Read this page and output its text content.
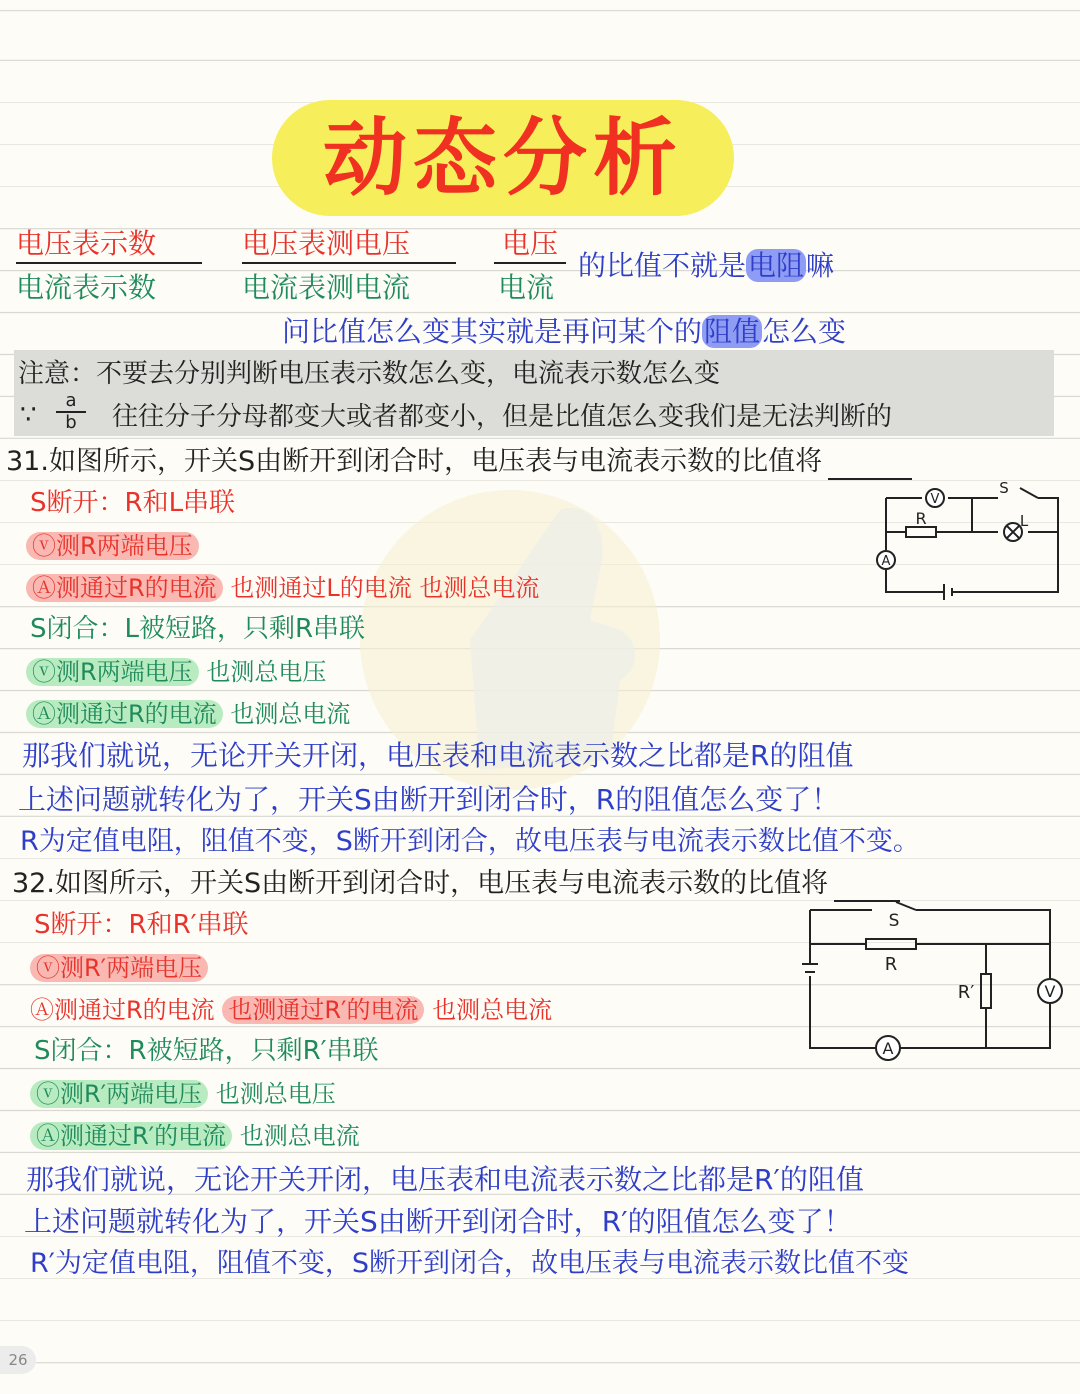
动态分析
电压表示数
电流表示数
电压表测电压
电流表测电流
电压
电流
的比值不就是电阻嘛
问比值怎么变其实就是再问某个的阻值怎么变
注意：不要去分别判断电压表示数怎么变，电流表示数怎么变
∵ $\frac{a}{b}$ 往往分子分母都变大或者都变小，但是比值怎么变我们是无法判断的
31.如图所示，开关S由断开到闭合时，电压表与电流表示数的比值将
S断开：R和L串联
ⓥ测R两端电压
Ⓐ测通过R的电流 也测通过L的电流 也测总电流
S闭合：L被短路，只剩R串联
ⓥ测R两端电压 也测总电压
Ⓐ测通过R的电流 也测总电流
那我们就说，无论开关开闭，电压表和电流表示数之比都是R的阻值
上述问题就转化为了，开关S由断开到闭合时，R的阻值怎么变了！
R为定值电阻，阻值不变，S断开到闭合，故电压表与电流表示数比值不变。
V
S
R	L
A
32.如图所示，开关S由断开到闭合时，电压表与电流表示数的比值将
S断开：R和R′串联
ⓥ测R′两端电压
Ⓐ测通过R的电流 也测通过R′的电流 也测总电流
S闭合：R被短路，只剩R′串联
ⓥ测R′两端电压 也测总电压
Ⓐ测通过R′的电流 也测总电流
那我们就说，无论开关开闭，电压表和电流表示数之比都是R′的阻值
上述问题就转化为了，开关S由断开到闭合时，R′的阻值怎么变了！
R′为定值电阻，阻值不变，S断开到闭合，故电压表与电流表示数比值不变
S
R
R′	V
A
26
